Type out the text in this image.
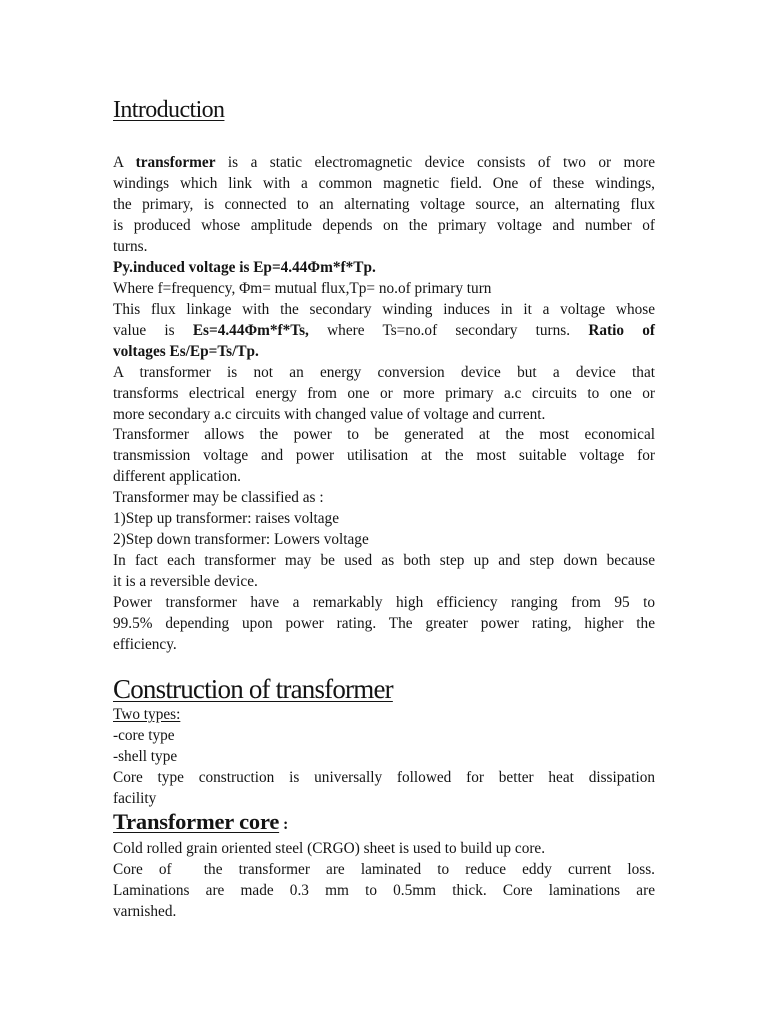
Introduction

A transformer is a static electromagnetic device consists of two or more

windings which link with a common magnetic field. One of these windings,

the primary, is connected to an alternating voltage source, an alternating flux

is produced whose amplitude depends on the primary voltage and number of

turns.

Py.induced voltage is Ep=4.44Φm*f*Tp.

Where f=frequency, Φm= mutual flux,Tp= no.of primary turn

This flux linkage with the secondary winding induces in it a voltage whose

value is Es=4.44Φm*f*Ts, where Ts=no.of secondary turns. Ratio of

voltages Es/Ep=Ts/Tp.

A transformer is not an energy conversion device but a device that

transforms electrical energy from one or more primary a.c circuits to one or

more secondary a.c circuits with changed value of voltage and current.

Transformer allows the power to be generated at the most economical

transmission voltage and power utilisation at the most suitable voltage for

different application.

Transformer may be classified as :

1)Step up transformer: raises voltage

2)Step down transformer: Lowers voltage

In fact each transformer may be used as both step up and step down because

it is a reversible device.

Power transformer have a remarkably high efficiency ranging from 95 to

99.5% depending upon power rating. The greater power rating, higher the

efficiency.

Construction of transformer

Two types:

-core type

-shell type

Core type construction is universally followed for better heat dissipation

facility

Transformer core :

Cold rolled grain oriented steel (CRGO) sheet is used to build up core.

Core of  the transformer are laminated to reduce eddy current loss.

Laminations are made 0.3 mm to 0.5mm thick. Core laminations are

varnished.
